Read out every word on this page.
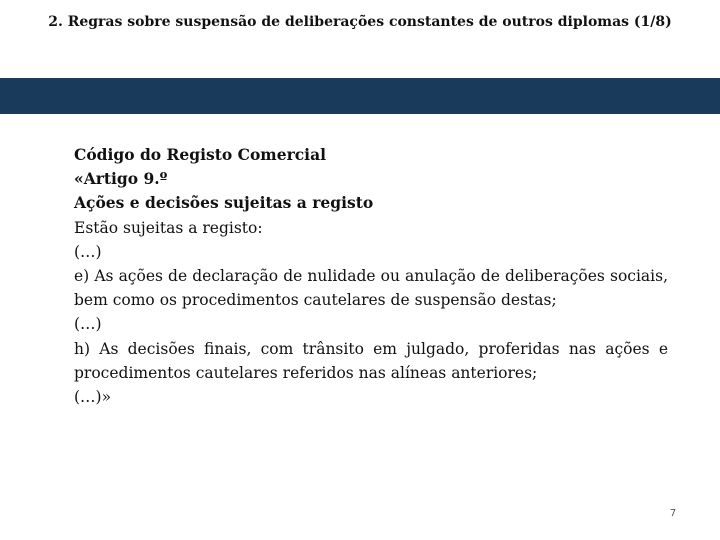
2. Regras sobre suspensão de deliberações constantes de outros diplomas (1/8)
Código do Registo Comercial
«Artigo 9.º
Ações e decisões sujeitas a registo
Estão sujeitas a registo:
(…)
e) As ações de declaração de nulidade ou anulação de deliberações sociais, bem como os procedimentos cautelares de suspensão destas;
(…)
h) As decisões finais, com trânsito em julgado, proferidas nas ações e procedimentos cautelares referidos nas alíneas anteriores;
(…)»
7
